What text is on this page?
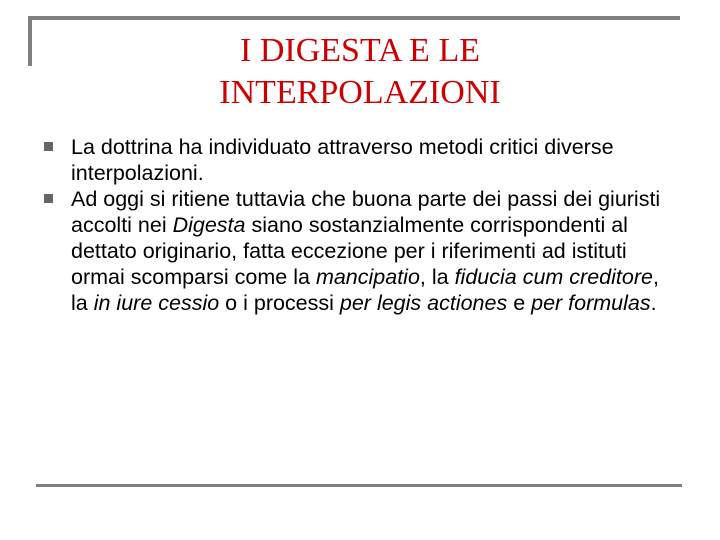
I DIGESTA E LE
INTERPOLAZIONI
La dottrina ha individuato attraverso metodi critici diverse interpolazioni.
Ad oggi si ritiene tuttavia che buona parte dei passi dei giuristi accolti nei Digesta siano sostanzialmente corrispondenti al dettato originario, fatta eccezione per i riferimenti ad istituti ormai scomparsi come la mancipatio, la fiducia cum creditore, la in iure cessio o i processi per legis actiones e per formulas.
